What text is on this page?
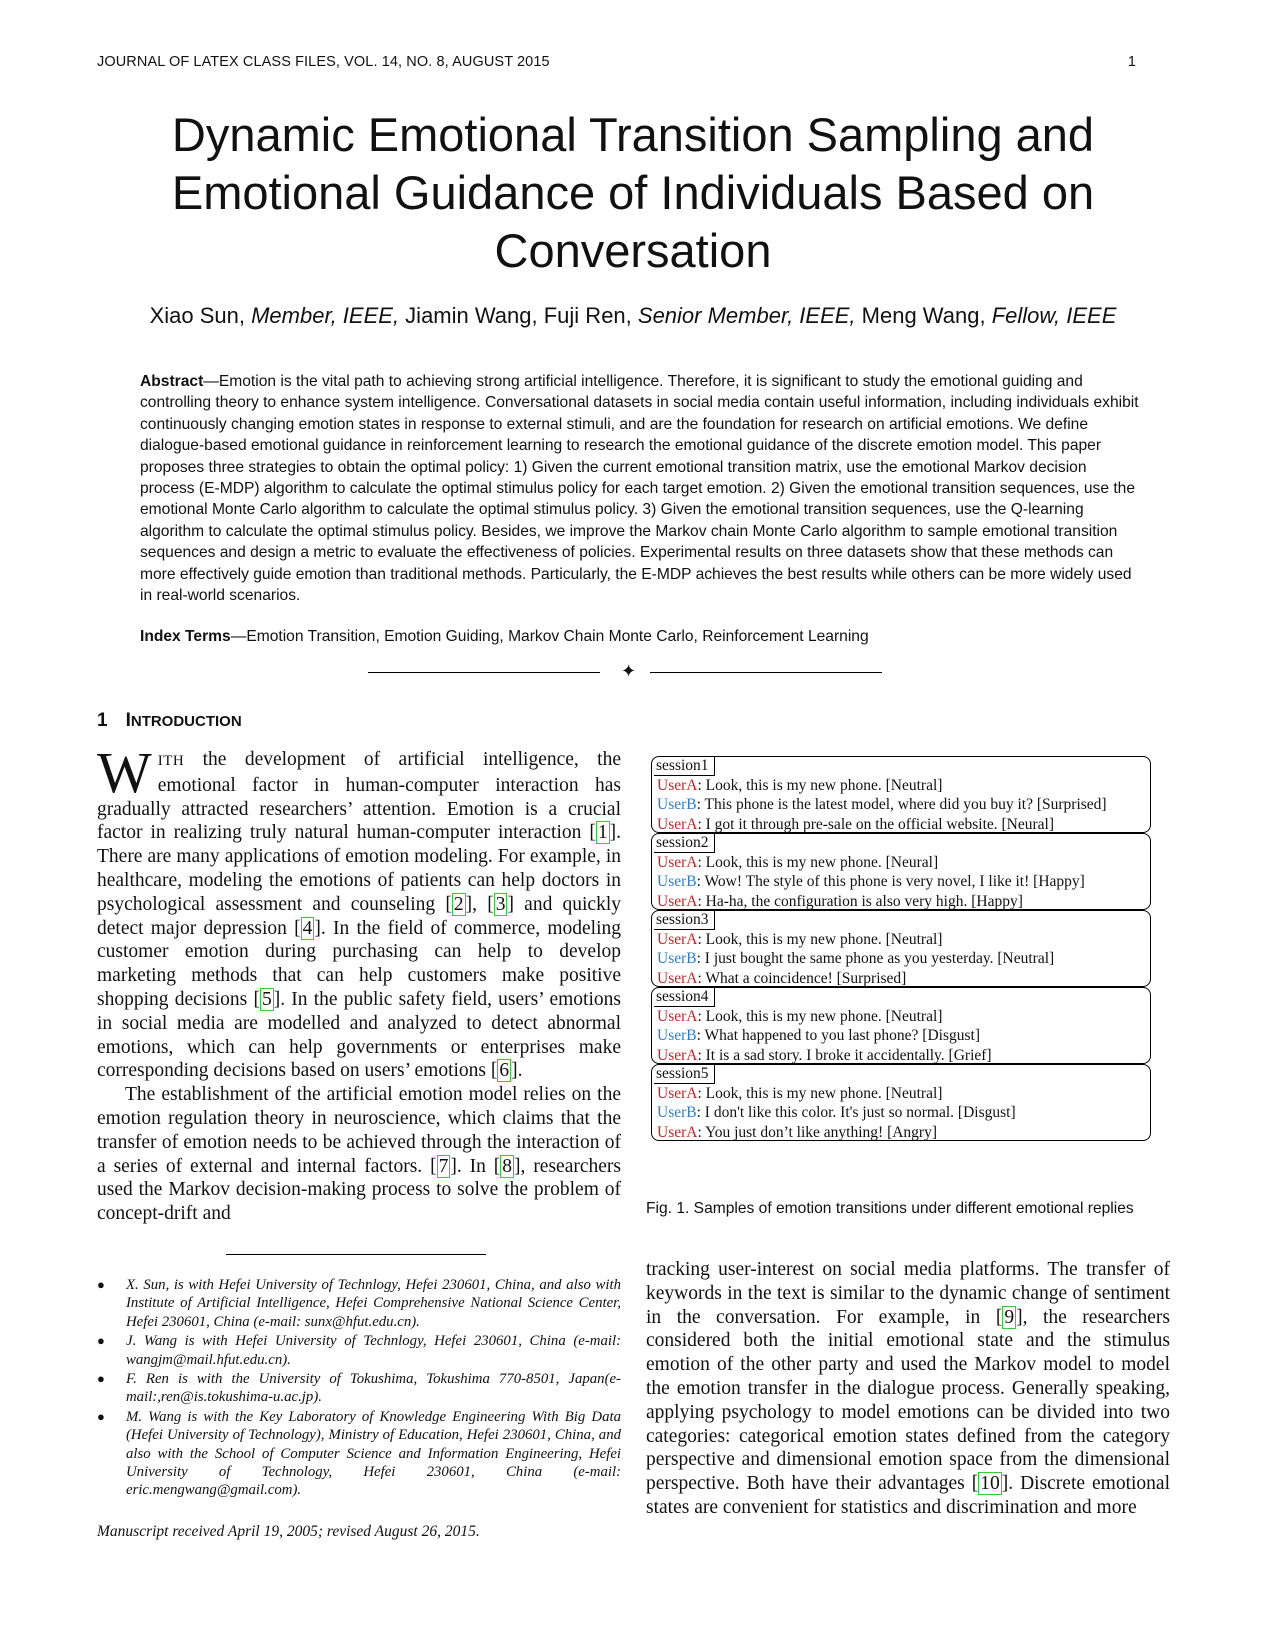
JOURNAL OF LATEX CLASS FILES, VOL. 14, NO. 8, AUGUST 2015	1
Dynamic Emotional Transition Sampling and
Emotional Guidance of Individuals Based on
Conversation
Xiao Sun, Member, IEEE, Jiamin Wang, Fuji Ren, Senior Member, IEEE, Meng Wang, Fellow, IEEE
Abstract—Emotion is the vital path to achieving strong artificial intelligence. Therefore, it is significant to study the emotional guiding and controlling theory to enhance system intelligence. Conversational datasets in social media contain useful information, including individuals exhibit continuously changing emotion states in response to external stimuli, and are the foundation for research on artificial emotions. We define dialogue-based emotional guidance in reinforcement learning to research the emotional guidance of the discrete emotion model. This paper proposes three strategies to obtain the optimal policy: 1) Given the current emotional transition matrix, use the emotional Markov decision process (E-MDP) algorithm to calculate the optimal stimulus policy for each target emotion. 2) Given the emotional transition sequences, use the emotional Monte Carlo algorithm to calculate the optimal stimulus policy. 3) Given the emotional transition sequences, use the Q-learning algorithm to calculate the optimal stimulus policy. Besides, we improve the Markov chain Monte Carlo algorithm to sample emotional transition sequences and design a metric to evaluate the effectiveness of policies. Experimental results on three datasets show that these methods can more effectively guide emotion than traditional methods. Particularly, the E-MDP achieves the best results while others can be more widely used in real-world scenarios.
Index Terms—Emotion Transition, Emotion Guiding, Markov Chain Monte Carlo, Reinforcement Learning
✦
1 INTRODUCTION

WITH the development of artificial intelligence, the emotional factor in human-computer interaction has gradually attracted researchers’ attention. Emotion is a crucial factor in realizing truly natural human-computer interaction [ 1 ]. There are many applications of emotion modeling. For example, in healthcare, modeling the emotions of patients can help doctors in psychological assessment and counseling [ 2 ], [ 3 ] and quickly detect major depression [ 4 ]. In the field of commerce, modeling customer emotion during purchasing can help to develop marketing methods that can help customers make positive shopping decisions [ 5 ]. In the public safety field, users’ emotions in social media are modelled and analyzed to detect abnormal emotions, which can help governments or enterprises make corresponding decisions based on users’ emotions [ 6 ].

The establishment of the artificial emotion model relies on the emotion regulation theory in neuroscience, which claims that the transfer of emotion needs to be achieved through the interaction of a series of external and internal factors. [ 7 ]. In [ 8 ], researchers used the Markov decision-making process to solve the problem of concept-drift and

● X. Sun, is with Hefei University of Technlogy, Hefei 230601, China, and also with Institute of Artificial Intelligence, Hefei Comprehensive National Science Center, Hefei 230601, China (e-mail: sunx@hfut.edu.cn).
● J. Wang is with Hefei University of Technlogy, Hefei 230601, China (e-mail: wangjm@mail.hfut.edu.cn).
● F. Ren is with the University of Tokushima, Tokushima 770-8501, Japan(e-mail:,ren@is.tokushima-u.ac.jp).
● M. Wang is with the Key Laboratory of Knowledge Engineering With Big Data (Hefei University of Technology), Ministry of Education, Hefei 230601, China, and also with the School of Computer Science and Information Engineering, Hefei University of Technology, Hefei 230601, China (e-mail: eric.mengwang@gmail.com).
Manuscript received April 19, 2005; revised August 26, 2015.
session1
UserA: Look, this is my new phone. [Neutral]
UserB: This phone is the latest model, where did you buy it? [Surprised]
UserA: I got it through pre-sale on the official website. [Neural]
session2
UserA: Look, this is my new phone. [Neural]
UserB: Wow! The style of this phone is very novel, I like it! [Happy]
UserA: Ha-ha, the configuration is also very high. [Happy]
session3
UserA: Look, this is my new phone. [Neutral]
UserB: I just bought the same phone as you yesterday. [Neutral]
UserA: What a coincidence! [Surprised]
session4
UserA: Look, this is my new phone. [Neutral]
UserB: What happened to you last phone? [Disgust]
UserA: It is a sad story. I broke it accidentally. [Grief]
session5
UserA: Look, this is my new phone. [Neutral]
UserB: I don't like this color. It's just so normal. [Disgust]
UserA: You just don’t like anything! [Angry]
Fig. 1. Samples of emotion transitions under different emotional replies

tracking user-interest on social media platforms. The transfer of keywords in the text is similar to the dynamic change of sentiment in the conversation. For example, in [ 9 ], the researchers considered both the initial emotional state and the stimulus emotion of the other party and used the Markov model to model the emotion transfer in the dialogue process. Generally speaking, applying psychology to model emotions can be divided into two categories: categorical emotion states defined from the category perspective and dimensional emotion space from the dimensional perspective. Both have their advantages [ 10 ]. Discrete emotional states are convenient for statistics and discrimination and more
